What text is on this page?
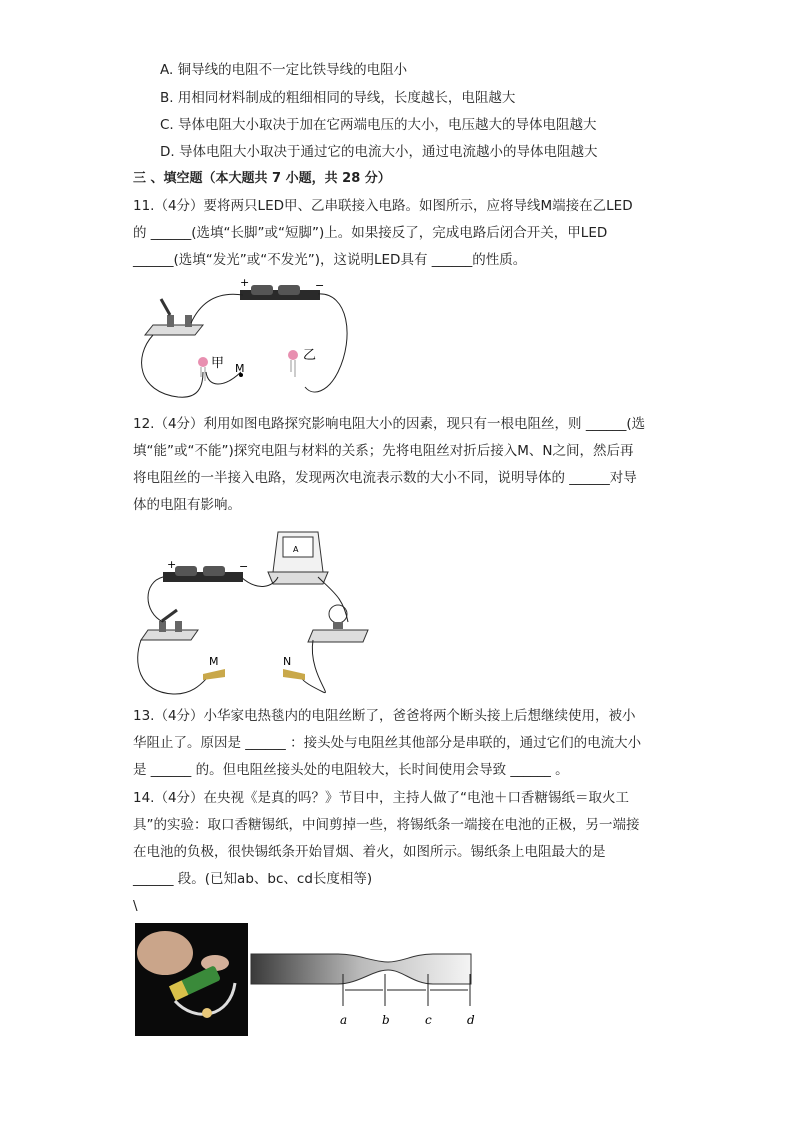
A. 铜导线的电阻不一定比铁导线的电阻小
B. 用相同材料制成的粗细相同的导线，长度越长，电阻越大
C. 导体电阻大小取决于加在它两端电压的大小，电压越大的导体电阻越大
D. 导体电阻大小取决于通过它的电流大小，通过电流越小的导体电阻越大
三 、填空题（本大题共 7 小题，共 28 分）
11.（4分）要将两只LED甲、乙串联接入电路。如图所示，应将导线M端接在乙LED
的 ______(选填“长脚”或“短脚”)上。如果接反了，完成电路后闭合开关，甲LED
______(选填“发光”或“不发光”)，这说明LED具有 ______的性质。
+	−
甲 M
乙
12.（4分）利用如图电路探究影响电阻大小的因素，现只有一根电阻丝，则 ______(选
填“能”或“不能”)探究电阻与材料的关系；先将电阻丝对折后接入M、N之间，然后再
将电阻丝的一半接入电路，发现两次电流表示数的大小不同，说明导体的 ______对导
体的电阻有影响。
+	−
A
M	N
13.（4分）小华家电热毯内的电阻丝断了，爸爸将两个断头接上后想继续使用，被小
华阻止了。原因是 ______ ：接头处与电阻丝其他部分是串联的，通过它们的电流大小
是 ______ 的。但电阻丝接头处的电阻较大，长时间使用会导致 ______ 。
14.（4分）在央视《是真的吗？》节目中，主持人做了“电池＋口香糖锡纸＝取火工
具”的实验：取口香糖锡纸，中间剪掉一些，将锡纸条一端接在电池的正极，另一端接
在电池的负极，很快锡纸条开始冒烟、着火，如图所示。锡纸条上电阻最大的是
______ 段。(已知ab、bc、cd长度相等)
\
a	b	c	d
